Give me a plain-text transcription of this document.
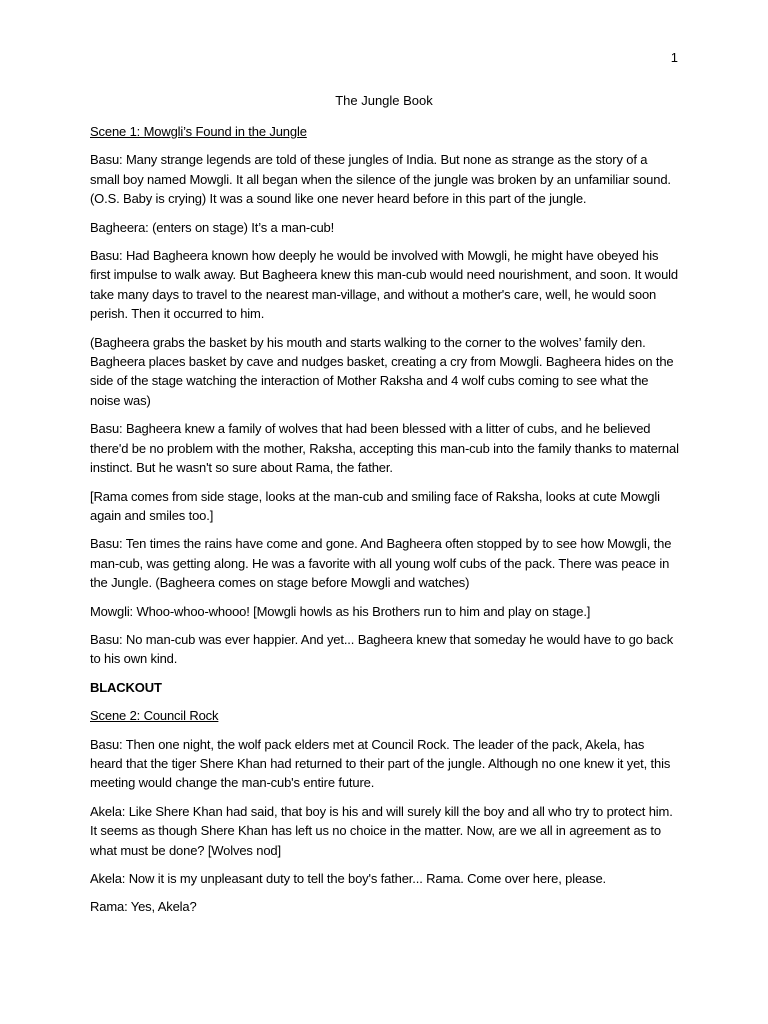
1
The Jungle Book

Scene 1: Mowgli’s Found in the Jungle

Basu: Many strange legends are told of these jungles of India. But none as strange as the story of a small boy named Mowgli. It all began when the silence of the jungle was broken by an unfamiliar sound. (O.S. Baby is crying) It was a sound like one never heard before in this part of the jungle.

Bagheera: (enters on stage) It’s a man-cub!

Basu: Had Bagheera known how deeply he would be involved with Mowgli, he might have obeyed his first impulse to walk away. But Bagheera knew this man-cub would need nourishment, and soon. It would take many days to travel to the nearest man-village, and without a mother's care, well, he would soon perish. Then it occurred to him.

(Bagheera grabs the basket by his mouth and starts walking to the corner to the wolves’ family den. Bagheera places basket by cave and nudges basket, creating a cry from Mowgli. Bagheera hides on the side of the stage watching the interaction of Mother Raksha and 4 wolf cubs coming to see what the noise was)

Basu: Bagheera knew a family of wolves that had been blessed with a litter of cubs, and he believed there'd be no problem with the mother, Raksha, accepting this man-cub into the family thanks to maternal instinct. But he wasn't so sure about Rama, the father.

[Rama comes from side stage, looks at the man-cub and smiling face of Raksha, looks at cute Mowgli again and smiles too.]

Basu: Ten times the rains have come and gone. And Bagheera often stopped by to see how Mowgli, the man-cub, was getting along. He was a favorite with all young wolf cubs of the pack. There was peace in the Jungle. (Bagheera comes on stage before Mowgli and watches)

Mowgli: Whoo-whoo-whooo! [Mowgli howls as his Brothers run to him and play on stage.]

Basu: No man-cub was ever happier. And yet... Bagheera knew that someday he would have to go back to his own kind.

BLACKOUT

Scene 2: Council Rock

Basu: Then one night, the wolf pack elders met at Council Rock. The leader of the pack, Akela, has heard that the tiger Shere Khan had returned to their part of the jungle. Although no one knew it yet, this meeting would change the man-cub's entire future.

Akela: Like Shere Khan had said, that boy is his and will surely kill the boy and all who try to protect him. It seems as though Shere Khan has left us no choice in the matter. Now, are we all in agreement as to what must be done? [Wolves nod]

Akela: Now it is my unpleasant duty to tell the boy's father... Rama. Come over here, please.

Rama: Yes, Akela?
